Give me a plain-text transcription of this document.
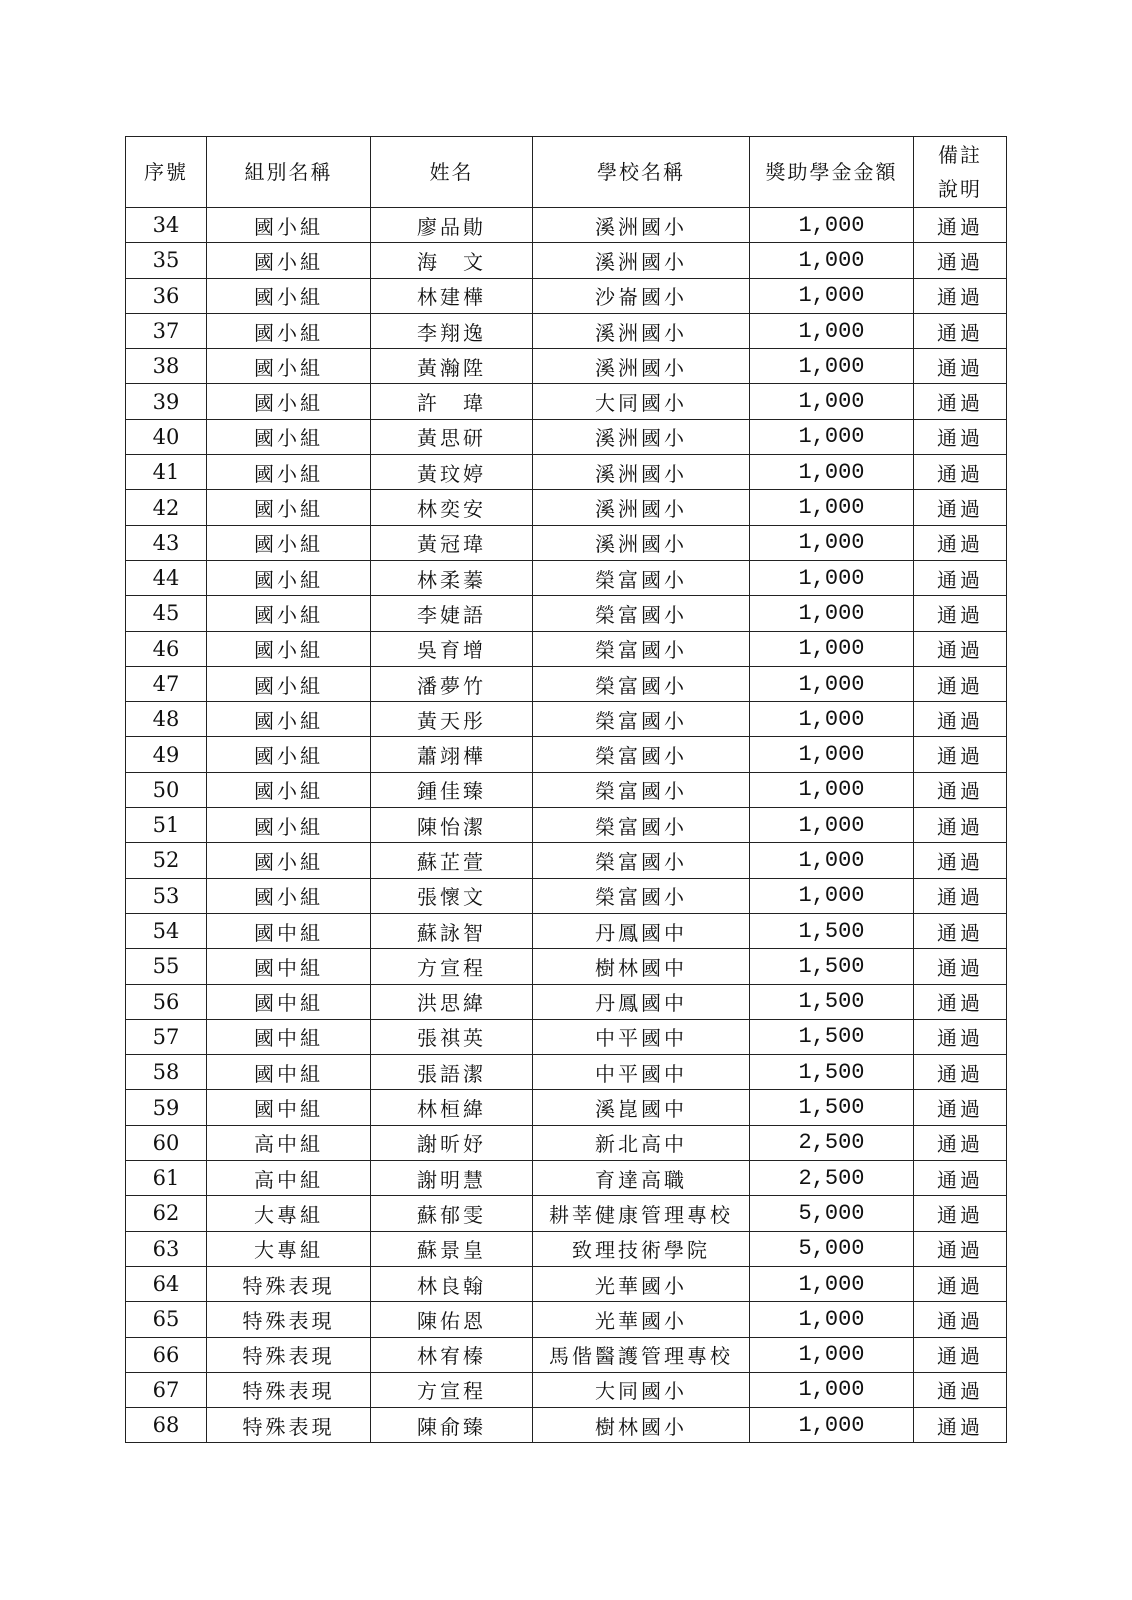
序號	組別名稱	姓名	學校名稱	獎助學金金額	備註
說明

34	國小組	廖品勛	溪洲國小	1,000	通過
35	國小組	海　文	溪洲國小	1,000	通過
36	國小組	林建樺	沙崙國小	1,000	通過
37	國小組	李翔逸	溪洲國小	1,000	通過
38	國小組	黃瀚陞	溪洲國小	1,000	通過
39	國小組	許　瑋	大同國小	1,000	通過
40	國小組	黃思研	溪洲國小	1,000	通過
41	國小組	黃玟婷	溪洲國小	1,000	通過
42	國小組	林奕安	溪洲國小	1,000	通過
43	國小組	黃冠瑋	溪洲國小	1,000	通過
44	國小組	林柔蓁	榮富國小	1,000	通過
45	國小組	李婕語	榮富國小	1,000	通過
46	國小組	吳育增	榮富國小	1,000	通過
47	國小組	潘夢竹	榮富國小	1,000	通過
48	國小組	黃天彤	榮富國小	1,000	通過
49	國小組	蕭翊樺	榮富國小	1,000	通過
50	國小組	鍾佳臻	榮富國小	1,000	通過
51	國小組	陳怡潔	榮富國小	1,000	通過
52	國小組	蘇芷萱	榮富國小	1,000	通過
53	國小組	張懷文	榮富國小	1,000	通過
54	國中組	蘇詠智	丹鳳國中	1,500	通過
55	國中組	方宣程	樹林國中	1,500	通過
56	國中組	洪思緯	丹鳳國中	1,500	通過
57	國中組	張祺英	中平國中	1,500	通過
58	國中組	張語潔	中平國中	1,500	通過
59	國中組	林桓緯	溪崑國中	1,500	通過
60	高中組	謝昕妤	新北高中	2,500	通過
61	高中組	謝明慧	育達高職	2,500	通過
62	大專組	蘇郁雯	耕莘健康管理專校	5,000	通過
63	大專組	蘇景皇	致理技術學院	5,000	通過
64	特殊表現	林良翰	光華國小	1,000	通過
65	特殊表現	陳佑恩	光華國小	1,000	通過
66	特殊表現	林宥榛	馬偕醫護管理專校	1,000	通過
67	特殊表現	方宣程	大同國小	1,000	通過
68	特殊表現	陳俞臻	樹林國小	1,000	通過
